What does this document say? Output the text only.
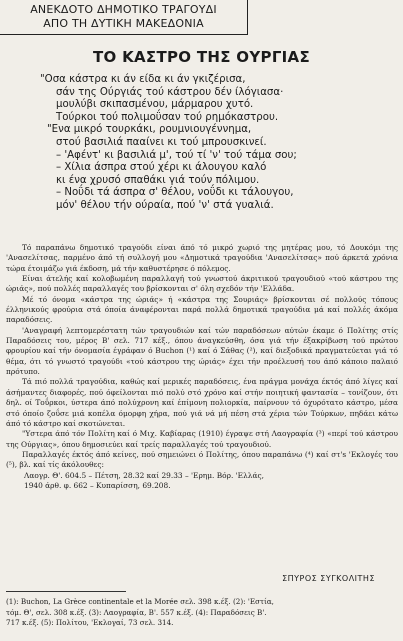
ΑΝΕΚΔΟΤΟ ΔΗΜΟΤΙΚΟ ΤΡΑΓΟΥΔΙ
ΑΠΟ ΤΗ ΔΥΤΙΚΗ ΜΑΚΕΔΟΝΙΑ
ΤΟ ΚΑΣΤΡΟ ΤΗΣ ΟΥΡΓΙΑΣ
"Οσα κάστρα κι άν είδα κι άν γκιζέρισα,
σάν της Ούργιάς τού κάστρου δέν ίλόγιασα·
μουλύβι σκιπασμένου, μάρμαρου χυτό.
Τούρκοι τού πολιμοΰσαν τού ρημόκαστρου.
"Ενα μικρό τουρκάκι, ρουμνιουγέννημα,
στού βασιλιά πααίνει κι τού μπρουσκινεί.
– 'Αφέντ' κι βασιλιά μ', τού τί 'ν' τού τάμα σου;
– Χίλια άσπρα στού χέρι κι άλουγου καλό
κι ένα χρυσό σπαθάκι γιά τούν πόλιμου.
– Νοΰδι τά άσπρα σ' θέλου, νοΰδι κι τάλουγου,
μόν' θέλου τήν ούραία, πού 'ν' στά γυαλιά.

Τό παραπάνω δημοτικό τραγούδι είναι άπό τό μικρό χωριό της μητέρας μου, τό Δουκόμι της 'Ανασελίτσας, παρμένο άπό τή συλλογή μου «Δημοτικά τραγούδια 'Ανασελίτσας» πού άρκετά χρόνια τώρα έτοιμάζω γιά έκδοση, μά τήν καθυστέρησε ό πόλεμος.

Είναι άτελής καί κολοβωμένη παραλλαγή τού γνωστού άκριτικού τραγουδιού «τού κάστρου της ώριάς», πού πολλές παραλλαγές του βρίσκονται σ' όλη σχεδόν τήν 'Ελλάδα.

Μέ τό όνομα «κάστρα της ώριάς» ή «κάστρα της Σουριάς» βρίσκονται σέ πολλούς τόπους έλληνικούς φρούρια στά όποία άναφέρονται παρά πολλά δημοτικά τραγούδια μά καί πολλές άκόμα παραδόσεις.

'Αναγραφή λεπτομερέστατη τών τραγουδιών καί τών παραδόσεων αύτών έκαμε ό Πολίτης στίς Παραδόσεις του, μέρος Β' σελ. 717 κέξ., όπου άναγκεύσθη, όσα γιά τήν έξακρίβωση τού πρώτου φρουρίου καί τήν όνομασία έγράφαν ό Buchon (¹) καί ό Σάθας (²), καί διεξοδικά πραγματεύεται γιά τό θέμα, ότι τό γνωστό τραγούδι «τού κάστρου της ώριάς» έχει τήν προέλευσή του άπό κάποιο παλαιό πρότυπο.

Τά πιό πολλά τραγούδια, καθώς καί μερικές παραδόσεις, ένα πράγμα μονάχα έκτός άπό λίγες καί άσήμαντες διαφορές, πού όφείλονται πιό πολύ στό χρόνο καί στήν ποιητική φαντασία – τονίζουν, ότι δηλ. οί Τοΰρκοι, ύστερα άπό πολύχρονη καί έπίμονη πολιορκία, παίρνουν τό όχυρότατο κάστρο, μέσα στό όποίο ζοΰσε μιά κοπέλα όμορφη χήρα, πού γιά νά μή πέση στά χέρια τών Τούρκων, πηδάει κάτω άπό τό κάστρο καί σκοτώνεται.

"Υστερα άπό τόν Πολίτη καί ό Μιχ. Καβίαρας (1910) έγραψε στή Λαογραφία (³) «περί τού κάστρου της Ούργιας», όπου δημοσιεύει καί τρείς παραλλαγές τού τραγουδιού.

Παραλλαγές έκτός άπό κείνες, πού σημειώνει ό Πολίτης, όπου παραπάνω (⁴) καί στ's 'Εκλογές του (⁵), βλ. καί τίς άκόλουθες:

Λαογρ. Θ'. 604.5 – Πέτση, 28.32 καί 29.33 – 'Ερημ. Βόρ. 'Ελλάς,

1940 άρθ. φ. 662 – Κυπαρίσση, 69.208.

ΣΠΥΡΟΣ ΣΥΓΚΟΛΙΤΗΣ
(1): Buchon, La Grèce continentale et la Morée σελ. 398 κ.έξ. (2): 'Εστία,
τόμ. Θ', σελ. 308 κ.έξ. (3): Λαογραφία, Β'. 557 κ.έξ. (4): Παραδόσεις Β'.
717 κ.έξ. (5): Πολίτου, 'Εκλογαί, 73 σελ. 314.
